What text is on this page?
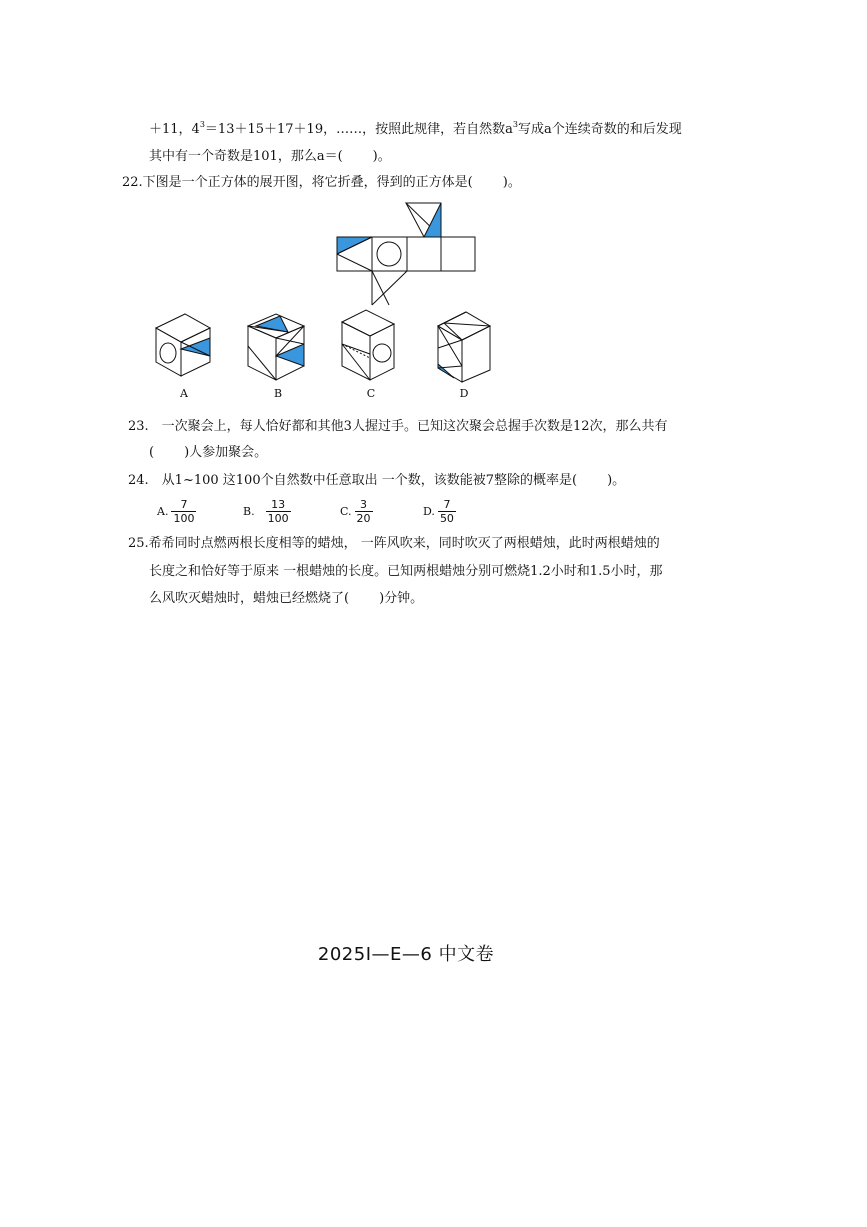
＋11，$4^3=13+15+17+19$，……，按照此规律，若自然数$a^3$写成a个连续奇数的和后发现
其中有一个奇数是101，那么a＝( )。
22.下图是一个正方体的展开图，将它折叠，得到的正方体是( )。
A	B	C	D
23.　一次聚会上，每人恰好都和其他3人握过手。已知这次聚会总握手次数是12次，那么共有
( )人参加聚会。
24.　从1~100 这100个自然数中任意取出 一个数，该数能被7整除的概率是( )。
A. $\frac{7}{100}$	B. $\frac{13}{100}$	C. $\frac{3}{20}$	D. $\frac{7}{50}$
25.希希同时点燃两根长度相等的蜡烛， 一阵风吹来，同时吹灭了两根蜡烛，此时两根蜡烛的
长度之和恰好等于原来 一根蜡烛的长度。已知两根蜡烛分别可燃烧1.2小时和1.5小时，那
么风吹灭蜡烛时，蜡烛已经燃烧了( )分钟。
2025I—E—6 中文卷
